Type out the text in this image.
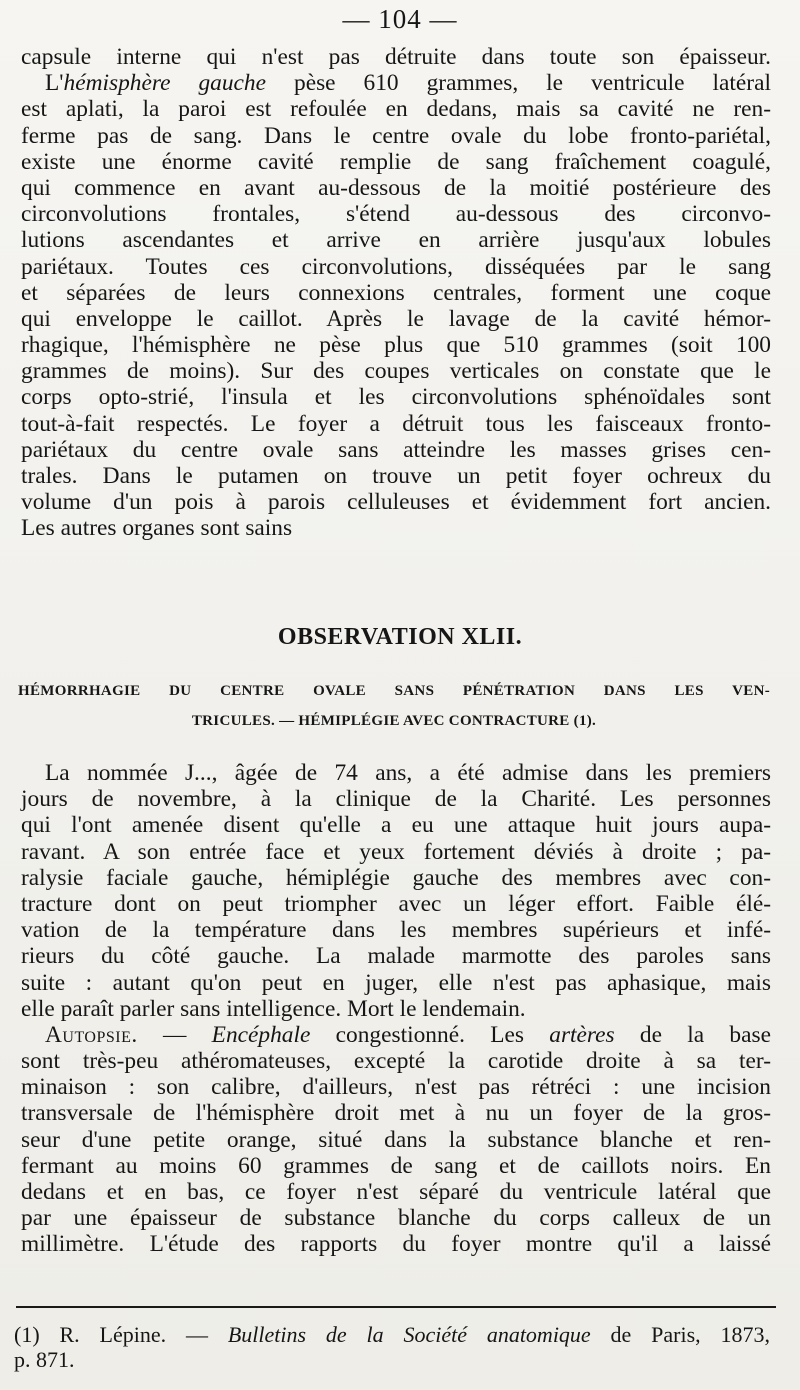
— 104 —
capsule interne qui n'est pas détruite dans toute son épaisseur.
L'hémisphère gauche pèse 610 grammes, le ventricule latéral
est aplati, la paroi est refoulée en dedans, mais sa cavité ne ren-
ferme pas de sang. Dans le centre ovale du lobe fronto-pariétal,
existe une énorme cavité remplie de sang fraîchement coagulé,
qui commence en avant au-dessous de la moitié postérieure des
circonvolutions frontales, s'étend au-dessous des circonvo-
lutions ascendantes et arrive en arrière jusqu'aux lobules
pariétaux. Toutes ces circonvolutions, disséquées par le sang
et séparées de leurs connexions centrales, forment une coque
qui enveloppe le caillot. Après le lavage de la cavité hémor-
rhagique, l'hémisphère ne pèse plus que 510 grammes (soit 100
grammes de moins). Sur des coupes verticales on constate que le
corps opto-strié, l'insula et les circonvolutions sphénoïdales sont
tout-à-fait respectés. Le foyer a détruit tous les faisceaux fronto-
pariétaux du centre ovale sans atteindre les masses grises cen-
trales. Dans le putamen on trouve un petit foyer ochreux du
volume d'un pois à parois celluleuses et évidemment fort ancien.
Les autres organes sont sains
OBSERVATION XLII.
HÉMORRHAGIE DU CENTRE OVALE SANS PÉNÉTRATION DANS LES VEN-
TRICULES. — HÉMIPLÉGIE AVEC CONTRACTURE (1).
La nommée J..., âgée de 74 ans, a été admise dans les premiers
jours de novembre, à la clinique de la Charité. Les personnes
qui l'ont amenée disent qu'elle a eu une attaque huit jours aupa-
ravant. A son entrée face et yeux fortement déviés à droite ; pa-
ralysie faciale gauche, hémiplégie gauche des membres avec con-
tracture dont on peut triompher avec un léger effort. Faible élé-
vation de la température dans les membres supérieurs et infé-
rieurs du côté gauche. La malade marmotte des paroles sans
suite : autant qu'on peut en juger, elle n'est pas aphasique, mais
elle paraît parler sans intelligence. Mort le lendemain.
Autopsie. — Encéphale congestionné. Les artères de la base
sont très-peu athéromateuses, excepté la carotide droite à sa ter-
minaison : son calibre, d'ailleurs, n'est pas rétréci : une incision
transversale de l'hémisphère droit met à nu un foyer de la gros-
seur d'une petite orange, situé dans la substance blanche et ren-
fermant au moins 60 grammes de sang et de caillots noirs. En
dedans et en bas, ce foyer n'est séparé du ventricule latéral que
par une épaisseur de substance blanche du corps calleux de un
millimètre. L'étude des rapports du foyer montre qu'il a laissé
(1) R. Lépine. — Bulletins de la Société anatomique de Paris, 1873,
p. 871.
